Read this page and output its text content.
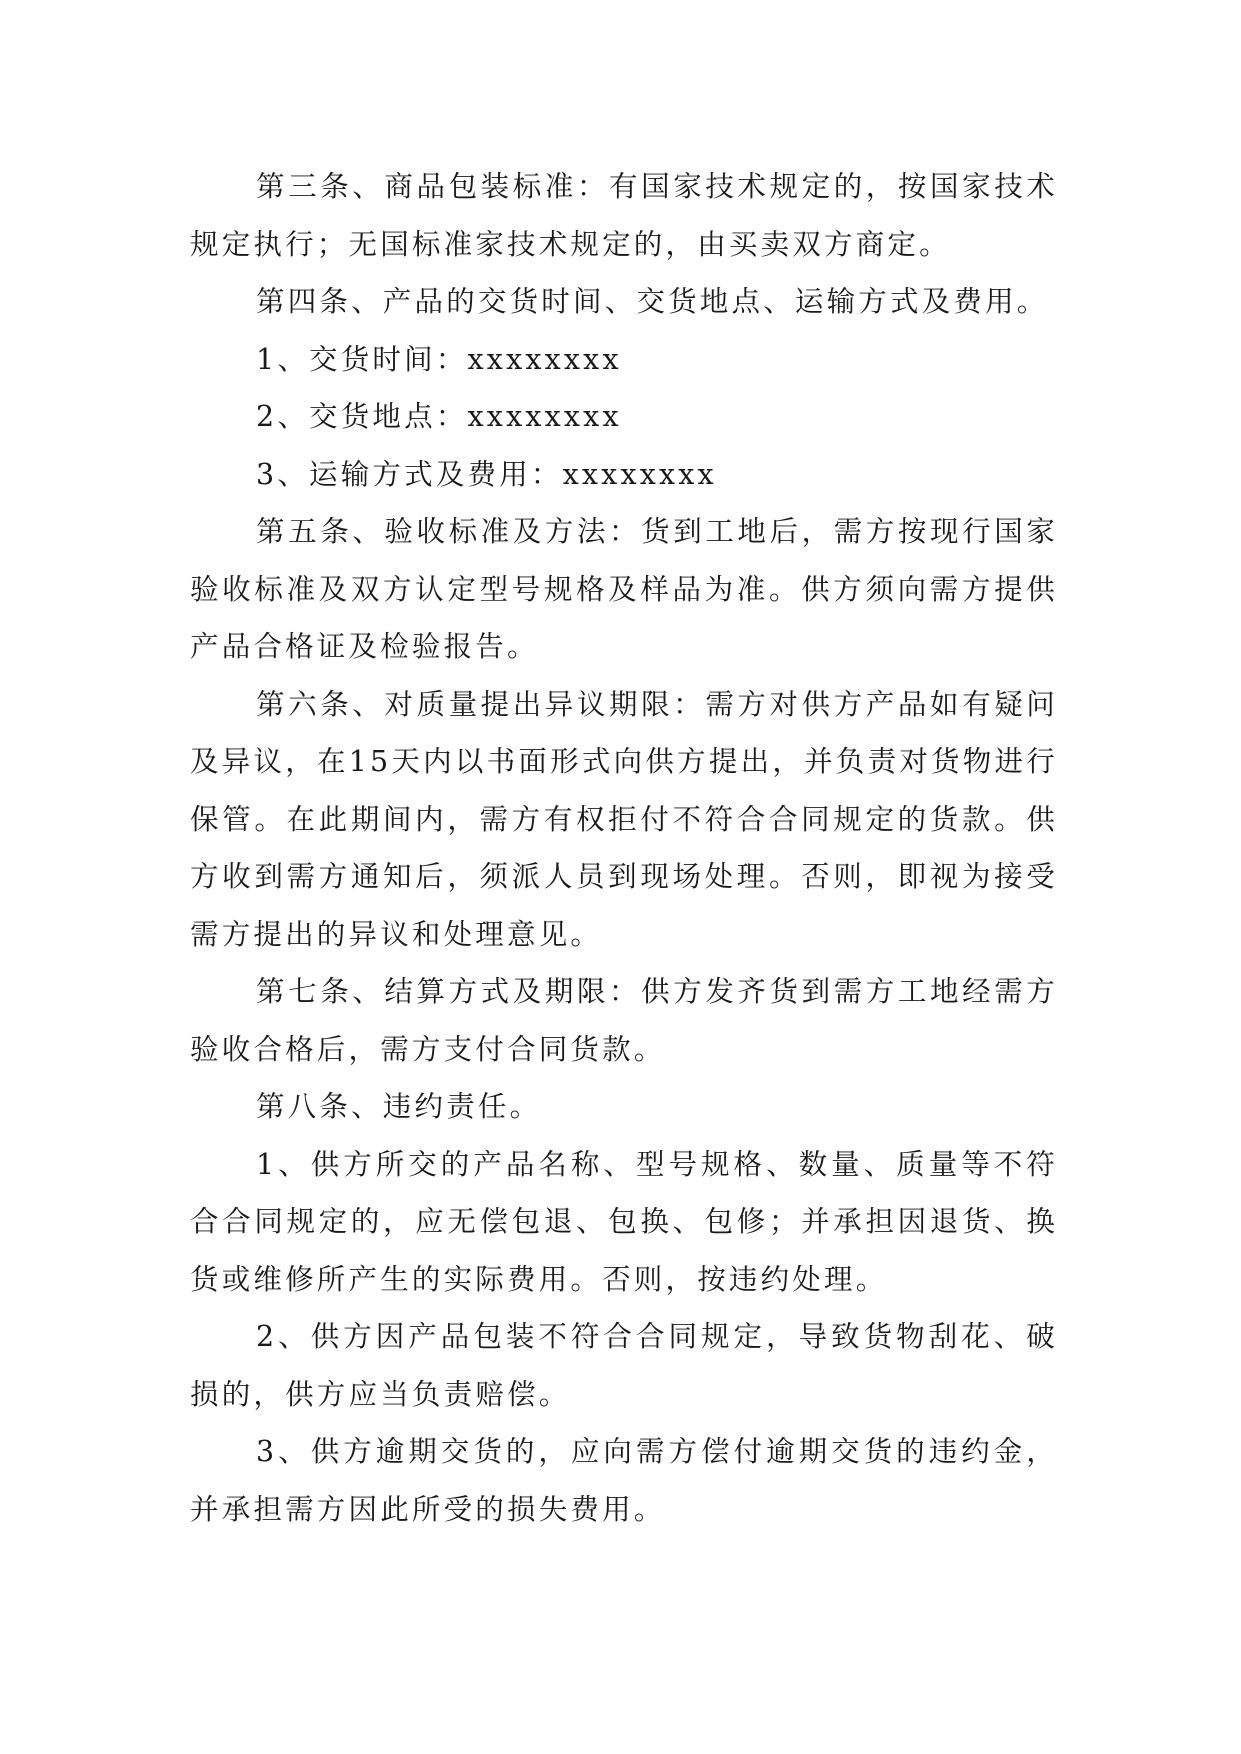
第三条、商品包装标准：有国家技术规定的，按国家技术规定执行；无国标准家技术规定的，由买卖双方商定。

第四条、产品的交货时间、交货地点、运输方式及费用。

1、交货时间：xxxxxxxx

2、交货地点：xxxxxxxx

3、运输方式及费用：xxxxxxxx

第五条、验收标准及方法：货到工地后，需方按现行国家验收标准及双方认定型号规格及样品为准。供方须向需方提供产品合格证及检验报告。

第六条、对质量提出异议期限：需方对供方产品如有疑问及异议，在15天内以书面形式向供方提出，并负责对货物进行保管。在此期间内，需方有权拒付不符合合同规定的货款。供方收到需方通知后，须派人员到现场处理。否则，即视为接受需方提出的异议和处理意见。

第七条、结算方式及期限：供方发齐货到需方工地经需方验收合格后，需方支付合同货款。

第八条、违约责任。

1、供方所交的产品名称、型号规格、数量、质量等不符合合同规定的，应无偿包退、包换、包修；并承担因退货、换货或维修所产生的实际费用。否则，按违约处理。

2、供方因产品包装不符合合同规定，导致货物刮花、破损的，供方应当负责赔偿。

3、供方逾期交货的，应向需方偿付逾期交货的违约金，并承担需方因此所受的损失费用。
